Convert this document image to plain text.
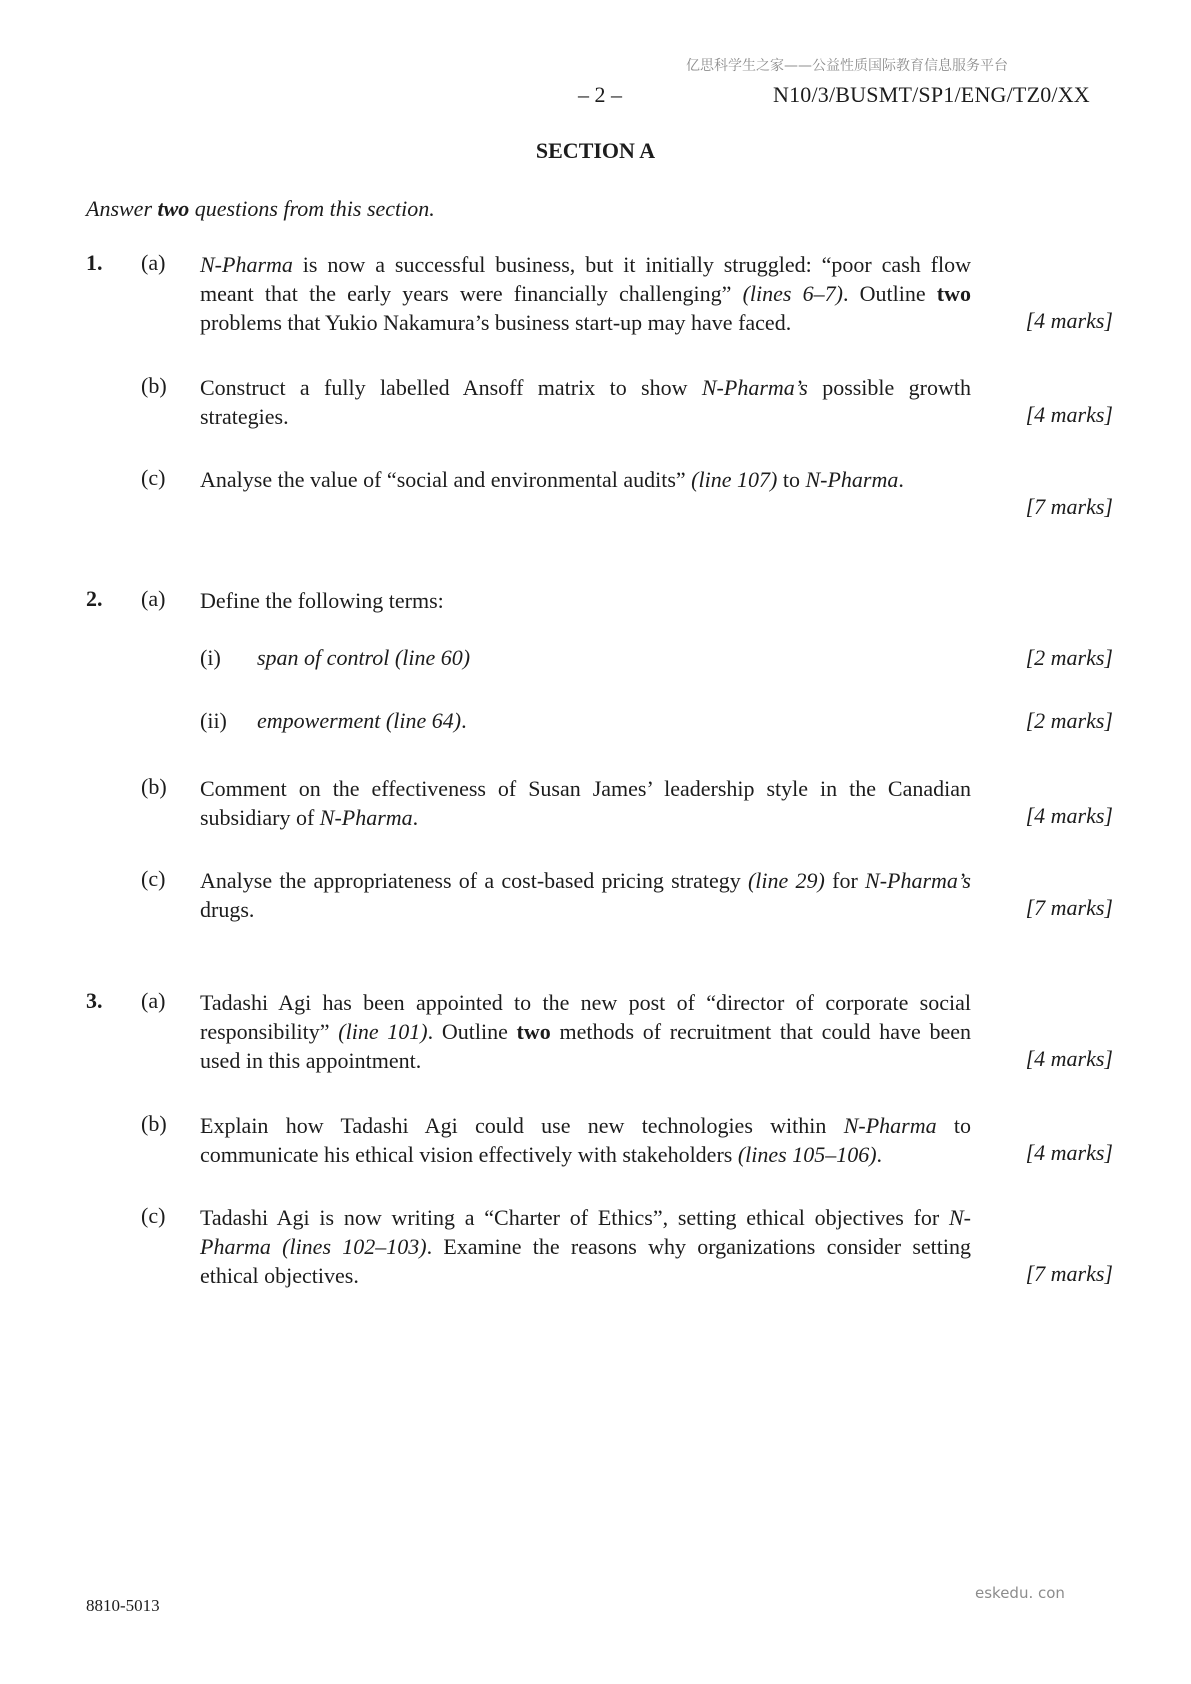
亿思科学生之家——公益性质国际教育信息服务平台
– 2 –	N10/3/BUSMT/SP1/ENG/TZ0/XX
SECTION A
Answer two questions from this section.
1. (a) N-Pharma is now a successful business, but it initially struggled: “poor cash flow meant that the early years were financially challenging” (lines 6–7). Outline two problems that Yukio Nakamura’s business start-up may have faced.	[4 marks]
(b) Construct a fully labelled Ansoff matrix to show N-Pharma’s possible growth strategies.	[4 marks]
(c) Analyse the value of “social and environmental audits” (line 107) to N-Pharma.
[7 marks]
2. (a) Define the following terms:
(i) span of control (line 60)	[2 marks]
(ii) empowerment (line 64).	[2 marks]
(b) Comment on the effectiveness of Susan James’ leadership style in the Canadian subsidiary of N-Pharma.	[4 marks]
(c) Analyse the appropriateness of a cost-based pricing strategy (line 29) for N-Pharma’s drugs.	[7 marks]
3. (a) Tadashi Agi has been appointed to the new post of “director of corporate social responsibility” (line 101). Outline two methods of recruitment that could have been used in this appointment.	[4 marks]
(b) Explain how Tadashi Agi could use new technologies within N-Pharma to communicate his ethical vision effectively with stakeholders (lines 105–106).	[4 marks]
(c) Tadashi Agi is now writing a “Charter of Ethics”, setting ethical objectives for N-Pharma (lines 102–103). Examine the reasons why organizations consider setting ethical objectives.	[7 marks]
8810-5013
eskedu. con
